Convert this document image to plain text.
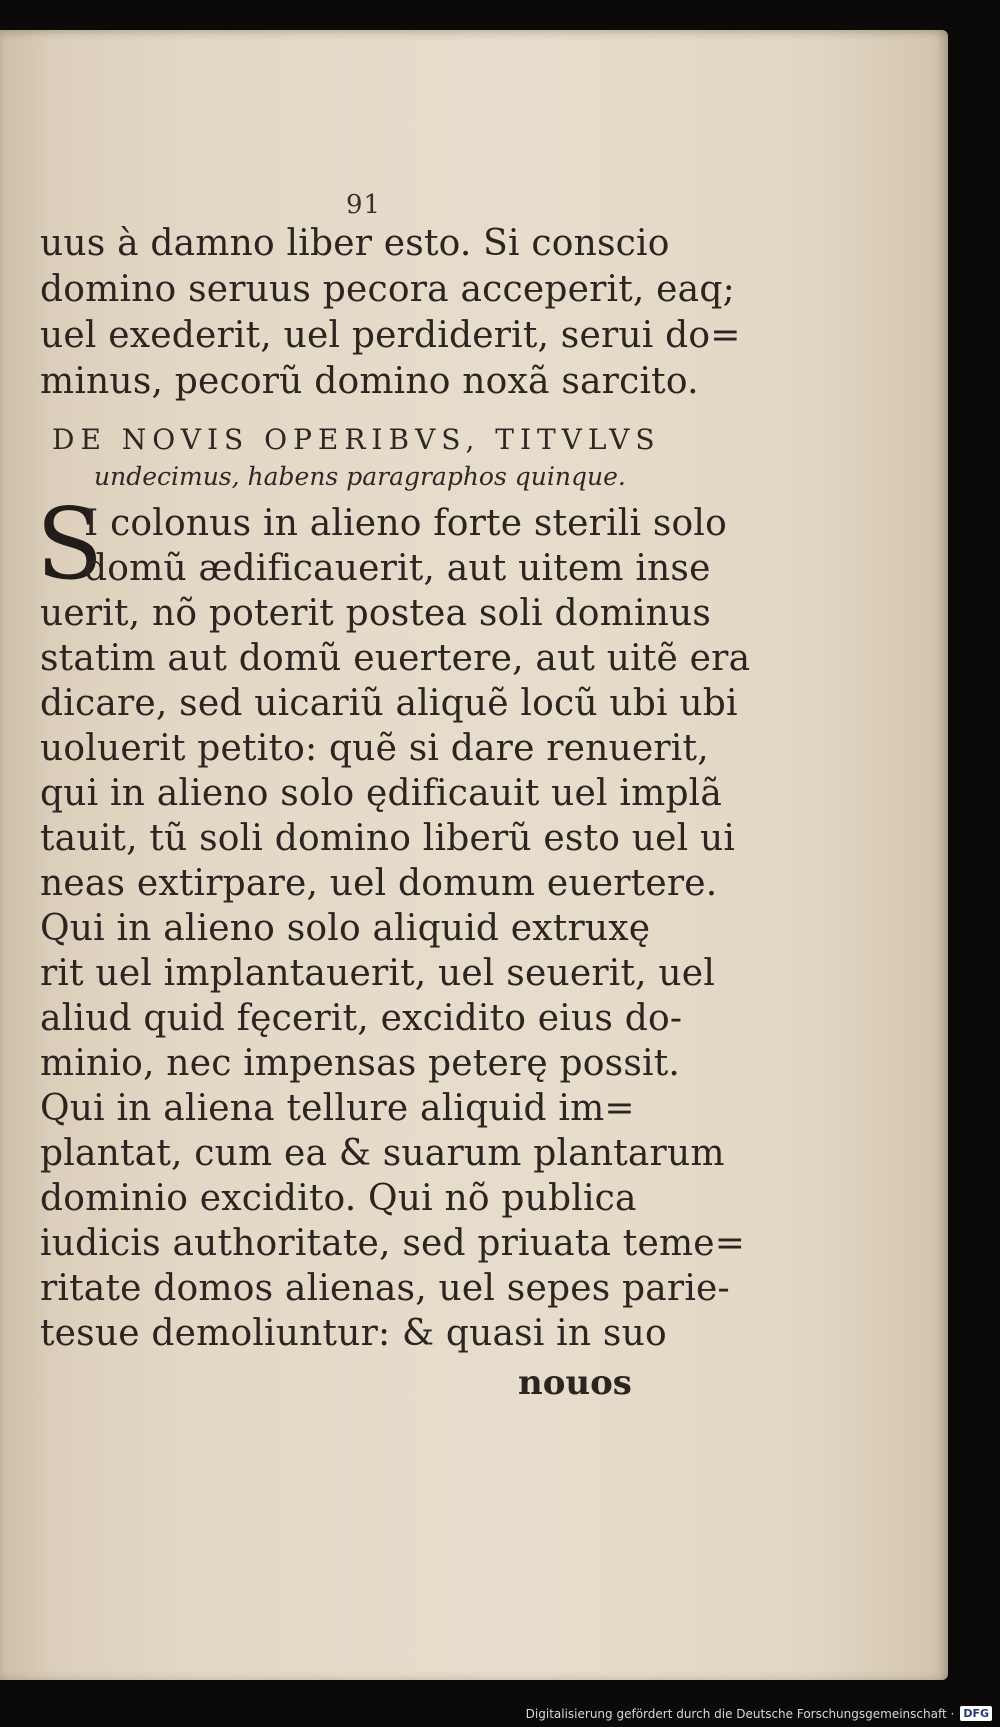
91
uus à damno liber esto. Si conscio
domino seruus pecora acceperit, eaq;
uel exederit, uel perdiderit, serui do=
minus, pecorũ domino noxã sarcito.
DE NOVIS OPERIBVS, TITVLVS
undecimus, habens paragraphos quinque.
S
I colonus in alieno forte sterili solo
domũ ædificauerit, aut uitem inse
uerit, nõ poterit postea soli dominus
statim aut domũ euertere, aut uitẽ era
dicare, sed uicariũ aliquẽ locũ ubi ubi
uoluerit petito: quẽ si dare renuerit,
qui in alieno solo ędificauit uel implã
tauit, tũ soli domino liberũ esto uel ui
neas extirpare, uel domum euertere.
Qui in alieno solo aliquid extruxę
rit uel implantauerit, uel seuerit, uel
aliud quid fęcerit, excidito eius do-
minio, nec impensas peterę possit.
Qui in aliena tellure aliquid im=
plantat, cum ea & suarum plantarum
dominio excidito. Qui nõ publica
iudicis authoritate, sed priuata teme=
ritate domos alienas, uel sepes parie-
tesue demoliuntur: & quasi in suo
nouos
Digitalisierung gefördert durch die Deutsche Forschungsgemeinschaft · DFG
